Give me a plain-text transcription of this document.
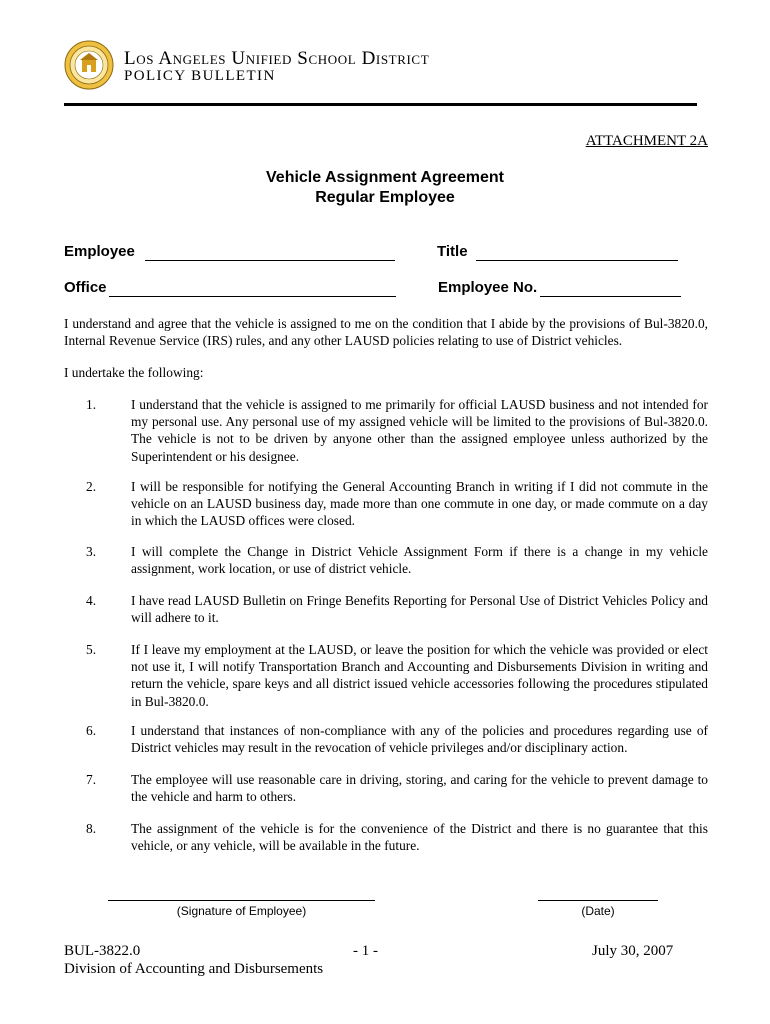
Los Angeles Unified School District
POLICY BULLETIN
ATTACHMENT 2A
Vehicle Assignment Agreement
Regular Employee
Employee	Title
Office	Employee No.

I understand and agree that the vehicle is assigned to me on the condition that I abide by the provisions of Bul-3820.0, Internal Revenue Service (IRS) rules, and any other LAUSD policies relating to use of District vehicles.

I undertake the following:

1.	I understand that the vehicle is assigned to me primarily for official LAUSD business and not intended for my personal use. Any personal use of my assigned vehicle will be limited to the provisions of Bul-3820.0. The vehicle is not to be driven by anyone other than the assigned employee unless authorized by the Superintendent or his designee.

2.	I will be responsible for notifying the General Accounting Branch in writing if I did not commute in the vehicle on an LAUSD business day, made more than one commute in one day, or made commute on a day in which the LAUSD offices were closed.

3.	I will complete the Change in District Vehicle Assignment Form if there is a change in my vehicle assignment, work location, or use of district vehicle.

4.	I have read LAUSD Bulletin on Fringe Benefits Reporting for Personal Use of District Vehicles Policy and will adhere to it.

5.	If I leave my employment at the LAUSD, or leave the position for which the vehicle was provided or elect not use it, I will notify Transportation Branch and Accounting and Disbursements Division in writing and return the vehicle, spare keys and all district issued vehicle accessories following the procedures stipulated in Bul-3820.0.

6.	I understand that instances of non-compliance with any of the policies and procedures regarding use of District vehicles may result in the revocation of vehicle privileges and/or disciplinary action.

7.	The employee will use reasonable care in driving, storing, and caring for the vehicle to prevent damage to the vehicle and harm to others.

8.	The assignment of the vehicle is for the convenience of the District and there is no guarantee that this vehicle, or any vehicle, will be available in the future.

(Signature of Employee)	(Date)
BUL-3822.0	- 1 -	July 30, 2007
Division of Accounting and Disbursements
